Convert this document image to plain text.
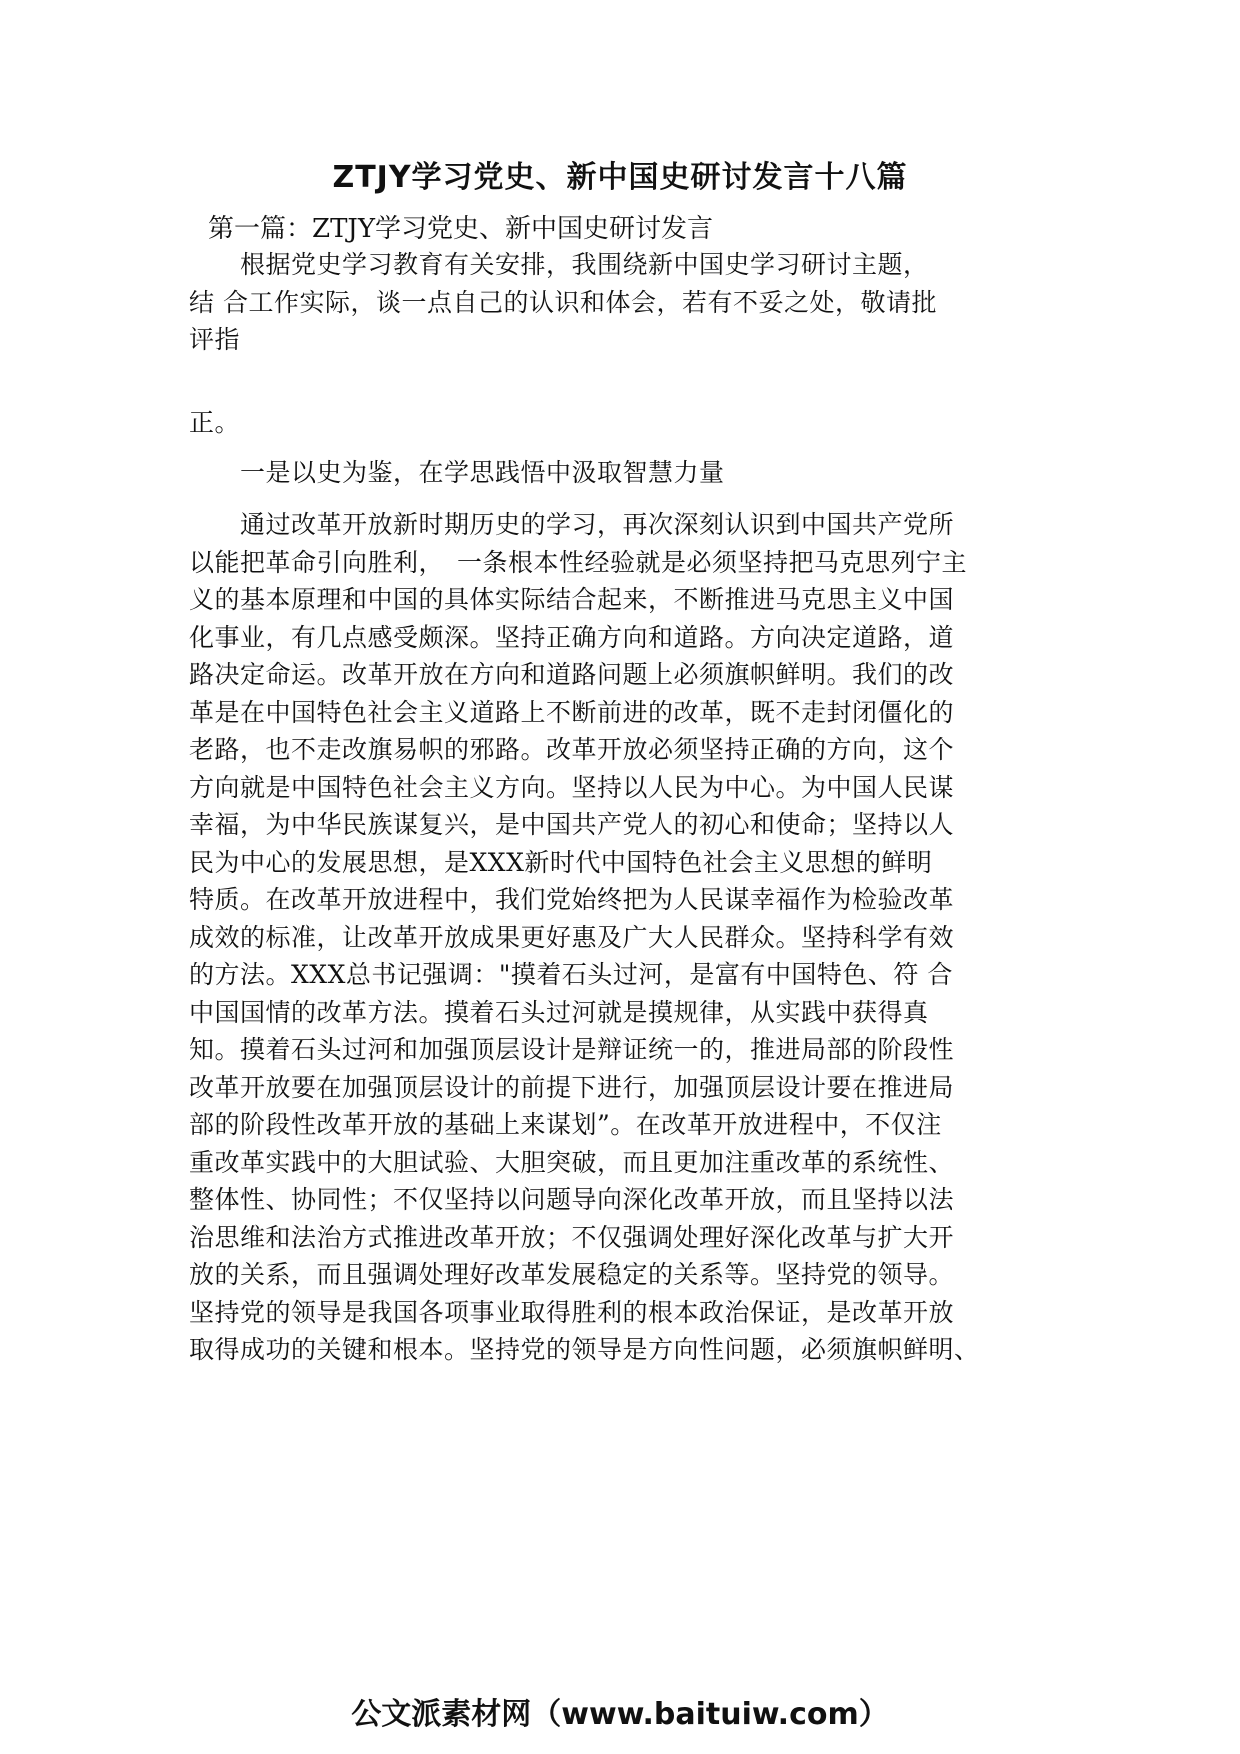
ZTJY学习党史、新中国史研讨发言十八篇

第一篇：ZTJY学习党史、新中国史研讨发言

　　根据党史学习教育有关安排，我围绕新中国史学习研讨主题，
结 合工作实际，谈一点自己的认识和体会，若有不妥之处，敬请批
评指

正。

　　一是以史为鉴，在学思践悟中汲取智慧力量

　　通过改革开放新时期历史的学习，再次深刻认识到中国共产党所
以能把革命引向胜利，　一条根本性经验就是必须坚持把马克思列宁主
义的基本原理和中国的具体实际结合起来，不断推进马克思主义中国
化事业，有几点感受颇深。坚持正确方向和道路。方向决定道路，道
路决定命运。改革开放在方向和道路问题上必须旗帜鲜明。我们的改
革是在中国特色社会主义道路上不断前进的改革，既不走封闭僵化的
老路，也不走改旗易帜的邪路。改革开放必须坚持正确的方向，这个
方向就是中国特色社会主义方向。坚持以人民为中心。为中国人民谋
幸福，为中华民族谋复兴，是中国共产党人的初心和使命；坚持以人
民为中心的发展思想，是XXX新时代中国特色社会主义思想的鲜明
特质。在改革开放进程中，我们党始终把为人民谋幸福作为检验改革
成效的标准，让改革开放成果更好惠及广大人民群众。坚持科学有效
的方法。XXX总书记强调："摸着石头过河，是富有中国特色、符 合
中国国情的改革方法。摸着石头过河就是摸规律，从实践中获得真
知。摸着石头过河和加强顶层设计是辩证统一的，推进局部的阶段性
改革开放要在加强顶层设计的前提下进行，加强顶层设计要在推进局
部的阶段性改革开放的基础上来谋划”。在改革开放进程中，不仅注
重改革实践中的大胆试验、大胆突破，而且更加注重改革的系统性、
整体性、协同性；不仅坚持以问题导向深化改革开放，而且坚持以法
治思维和法治方式推进改革开放；不仅强调处理好深化改革与扩大开
放的关系，而且强调处理好改革发展稳定的关系等。坚持党的领导。
坚持党的领导是我国各项事业取得胜利的根本政治保证，是改革开放
取得成功的关键和根本。坚持党的领导是方向性问题，必须旗帜鲜明、

公文派素材网（www.baituiw.com）
